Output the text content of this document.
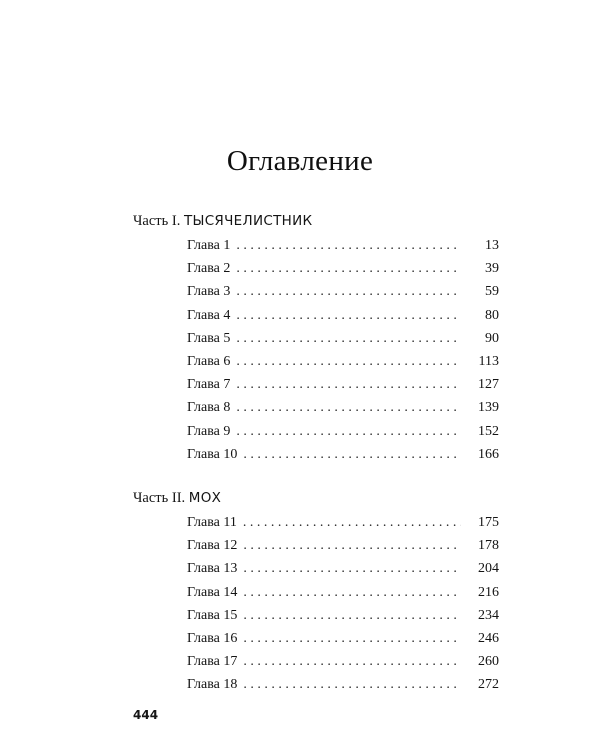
Оглавление
Часть I. ТЫСЯЧЕЛИСТНИК
Глава 1 . . .	13
Глава 2 . . .	39
Глава 3 . . .	59
Глава 4 . . .	80
Глава 5 . . .	90
Глава 6 . . .	113
Глава 7 . . .	127
Глава 8 . . .	139
Глава 9 . . .	152
Глава 10 . . .	166
Часть II. МОХ
Глава 11 . . .	175
Глава 12 . . .	178
Глава 13 . . .	204
Глава 14 . . .	216
Глава 15 . . .	234
Глава 16 . . .	246
Глава 17 . . .	260
Глава 18 . . .	272
444
